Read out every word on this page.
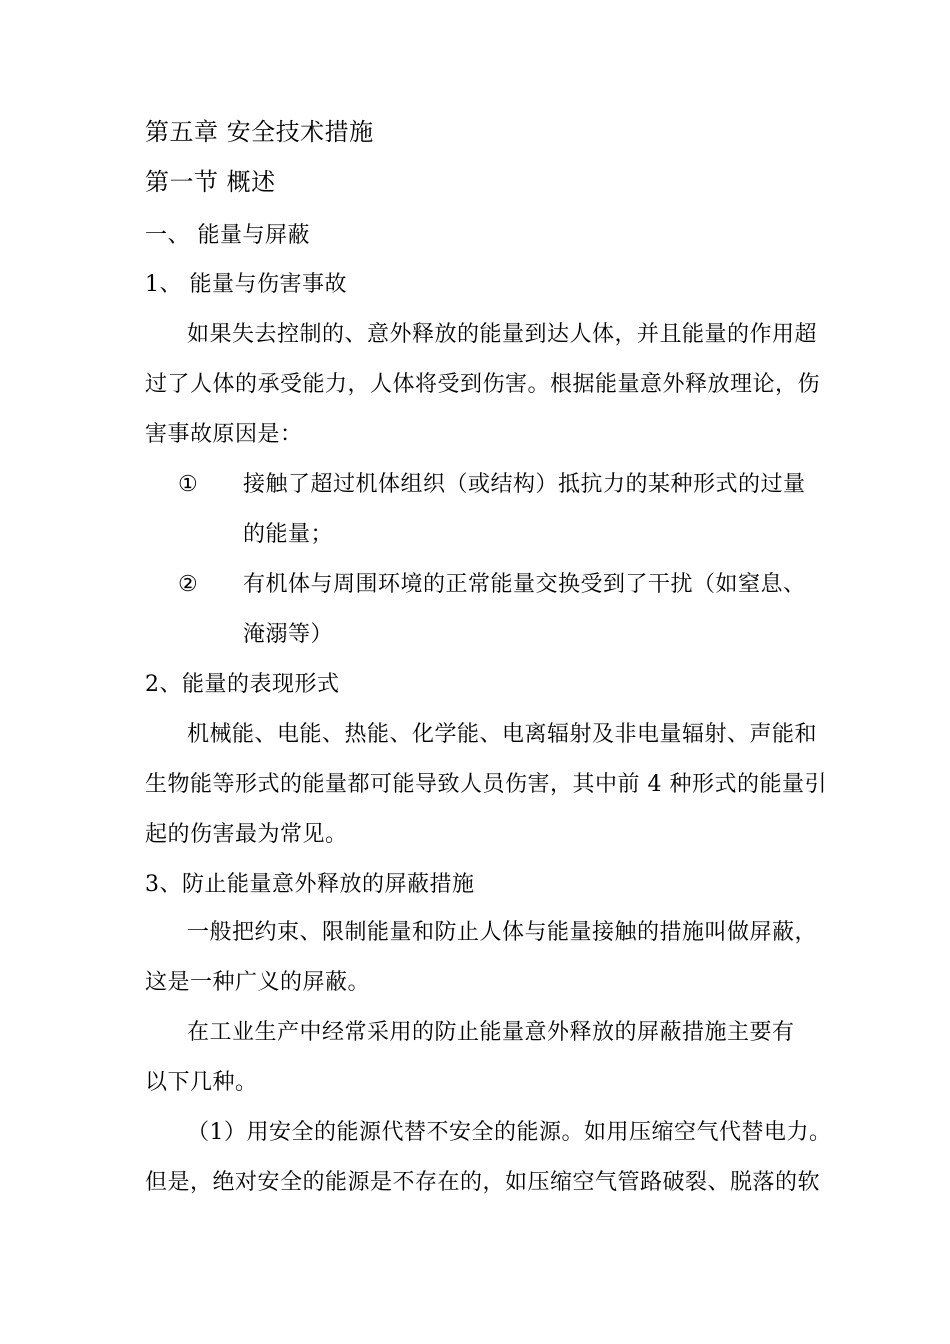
第五章 安全技术措施
第一节 概述
一、 能量与屏蔽
1、 能量与伤害事故
如果失去控制的、意外释放的能量到达人体，并且能量的作用超
过了人体的承受能力，人体将受到伤害。根据能量意外释放理论，伤
害事故原因是：
① 接触了超过机体组织（或结构）抵抗力的某种形式的过量
的能量；
② 有机体与周围环境的正常能量交换受到了干扰（如窒息、
淹溺等）
2、能量的表现形式
机械能、电能、热能、化学能、电离辐射及非电量辐射、声能和
生物能等形式的能量都可能导致人员伤害，其中前 4 种形式的能量引
起的伤害最为常见。
3、防止能量意外释放的屏蔽措施
一般把约束、限制能量和防止人体与能量接触的措施叫做屏蔽，
这是一种广义的屏蔽。
在工业生产中经常采用的防止能量意外释放的屏蔽措施主要有
以下几种。
（1）用安全的能源代替不安全的能源。如用压缩空气代替电力。
但是，绝对安全的能源是不存在的，如压缩空气管路破裂、脱落的软
